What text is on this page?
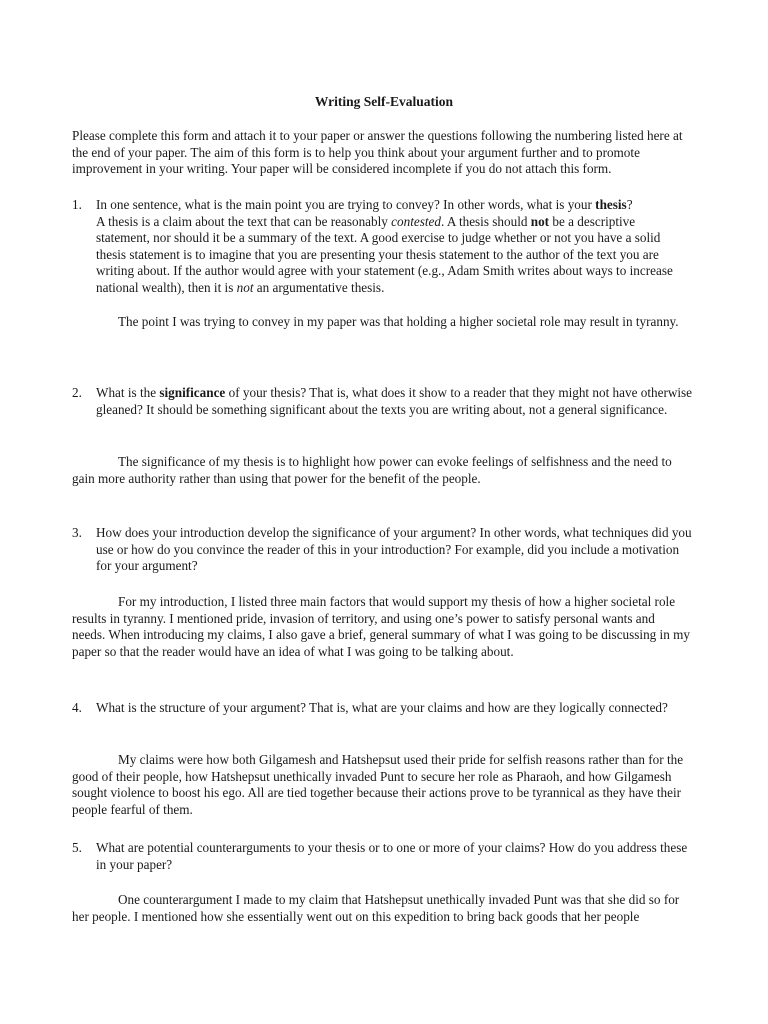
Writing Self-Evaluation

Please complete this form and attach it to your paper or answer the questions following the numbering listed here at the end of your paper. The aim of this form is to help you think about your argument further and to promote improvement in your writing. Your paper will be considered incomplete if you do not attach this form.

1.	In one sentence, what is the main point you are trying to convey? In other words, what is your thesis?
A thesis is a claim about the text that can be reasonably contested. A thesis should not be a descriptive statement, nor should it be a summary of the text. A good exercise to judge whether or not you have a solid thesis statement is to imagine that you are presenting your thesis statement to the author of the text you are writing about. If the author would agree with your statement (e.g., Adam Smith writes about ways to increase national wealth), then it is not an argumentative thesis.

The point I was trying to convey in my paper was that holding a higher societal role may result in tyranny.

2.	What is the significance of your thesis? That is, what does it show to a reader that they might not have otherwise gleaned? It should be something significant about the texts you are writing about, not a general significance.

The significance of my thesis is to highlight how power can evoke feelings of selfishness and the need to gain more authority rather than using that power for the benefit of the people.

3.	How does your introduction develop the significance of your argument? In other words, what techniques did you use or how do you convince the reader of this in your introduction? For example, did you include a motivation for your argument?

For my introduction, I listed three main factors that would support my thesis of how a higher societal role results in tyranny. I mentioned pride, invasion of territory, and using one’s power to satisfy personal wants and needs. When introducing my claims, I also gave a brief, general summary of what I was going to be discussing in my paper so that the reader would have an idea of what I was going to be talking about.

4.	What is the structure of your argument? That is, what are your claims and how are they logically connected?

My claims were how both Gilgamesh and Hatshepsut used their pride for selfish reasons rather than for the good of their people, how Hatshepsut unethically invaded Punt to secure her role as Pharaoh, and how Gilgamesh sought violence to boost his ego. All are tied together because their actions prove to be tyrannical as they have their people fearful of them.

5.	What are potential counterarguments to your thesis or to one or more of your claims? How do you address these in your paper?

One counterargument I made to my claim that Hatshepsut unethically invaded Punt was that she did so for her people. I mentioned how she essentially went out on this expedition to bring back goods that her people
